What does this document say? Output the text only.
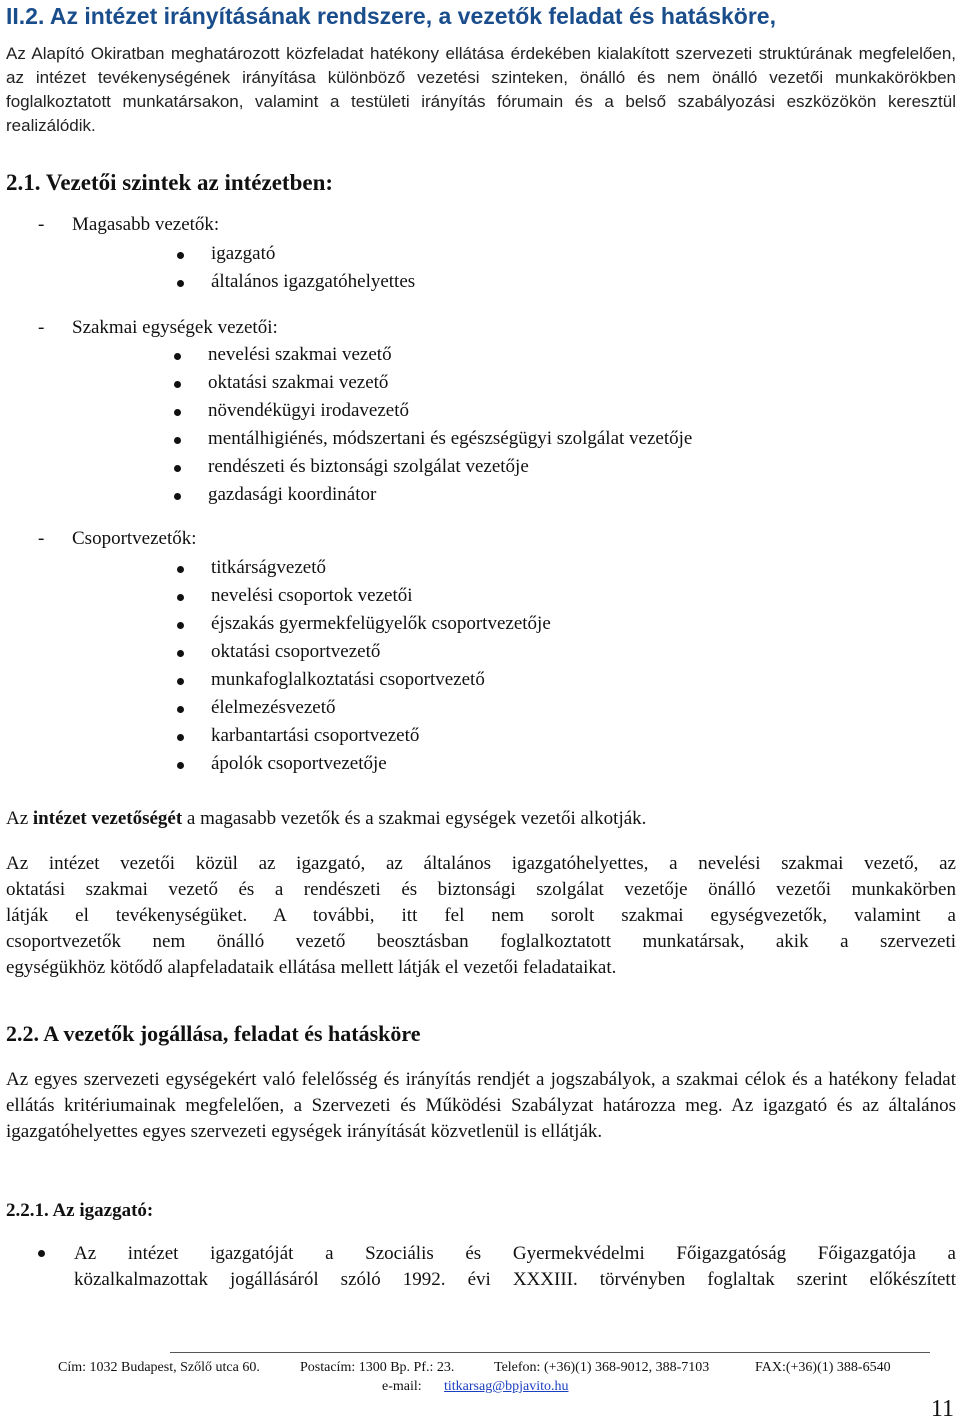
II.2. Az intézet irányításának rendszere, a vezetők feladat és hatásköre,
Az Alapító Okiratban meghatározott közfeladat hatékony ellátása érdekében kialakított szervezeti struktúrának megfelelően, az intézet tevékenységének irányítása különböző vezetési szinteken, önálló és nem önálló vezetői munkakörökben foglalkoztatott munkatársakon, valamint a testületi irányítás fórumain és a belső szabályozási eszközökön keresztül realizálódik.
2.1. Vezetői szintek az intézetben:
- Magasabb vezetők:
igazgató
általános igazgatóhelyettes
- Szakmai egységek vezetői:
nevelési szakmai vezető
oktatási szakmai vezető
növendékügyi irodavezető
mentálhigiénés, módszertani és egészségügyi szolgálat vezetője
rendészeti és biztonsági szolgálat vezetője
gazdasági koordinátor
- Csoportvezetők:
titkárságvezető
nevelési csoportok vezetői
éjszakás gyermekfelügyelők csoportvezetője
oktatási csoportvezető
munkafoglalkoztatási csoportvezető
élelmezésvezető
karbantartási csoportvezető
ápolók csoportvezetője
Az intézet vezetőségét a magasabb vezetők és a szakmai egységek vezetői alkotják.
Az intézet vezetői közül az igazgató, az általános igazgatóhelyettes, a nevelési szakmai vezető, az
oktatási szakmai vezető és a rendészeti és biztonsági szolgálat vezetője önálló vezetői munkakörben
látják el tevékenységüket. A további, itt fel nem sorolt szakmai egységvezetők, valamint a
csoportvezetők nem önálló vezető beosztásban foglalkoztatott munkatársak, akik a szervezeti
egységükhöz kötődő alapfeladataik ellátása mellett látják el vezetői feladataikat.
2.2. A vezetők jogállása, feladat és hatásköre
Az egyes szervezeti egységekért való felelősség és irányítás rendjét a jogszabályok, a szakmai célok és a hatékony feladat ellátás kritériumainak megfelelően, a Szervezeti és Működési Szabályzat határozza meg. Az igazgató és az általános igazgatóhelyettes egyes szervezeti egységek irányítását közvetlenül is ellátják.
2.2.1. Az igazgató:
Az intézet igazgatóját a Szociális és Gyermekvédelmi Főigazgatóság Főigazgatója a
közalkalmazottak jogállásáról szóló 1992. évi XXXIII. törvényben foglaltak szerint előkészített
Cím: 1032 Budapest, Szőlő utca 60.	Postacím: 1300 Bp. Pf.: 23.	Telefon: (+36)(1) 368-9012, 388-7103	FAX:(+36)(1) 388-6540
e-mail: titkarsag@bpjavito.hu
11
